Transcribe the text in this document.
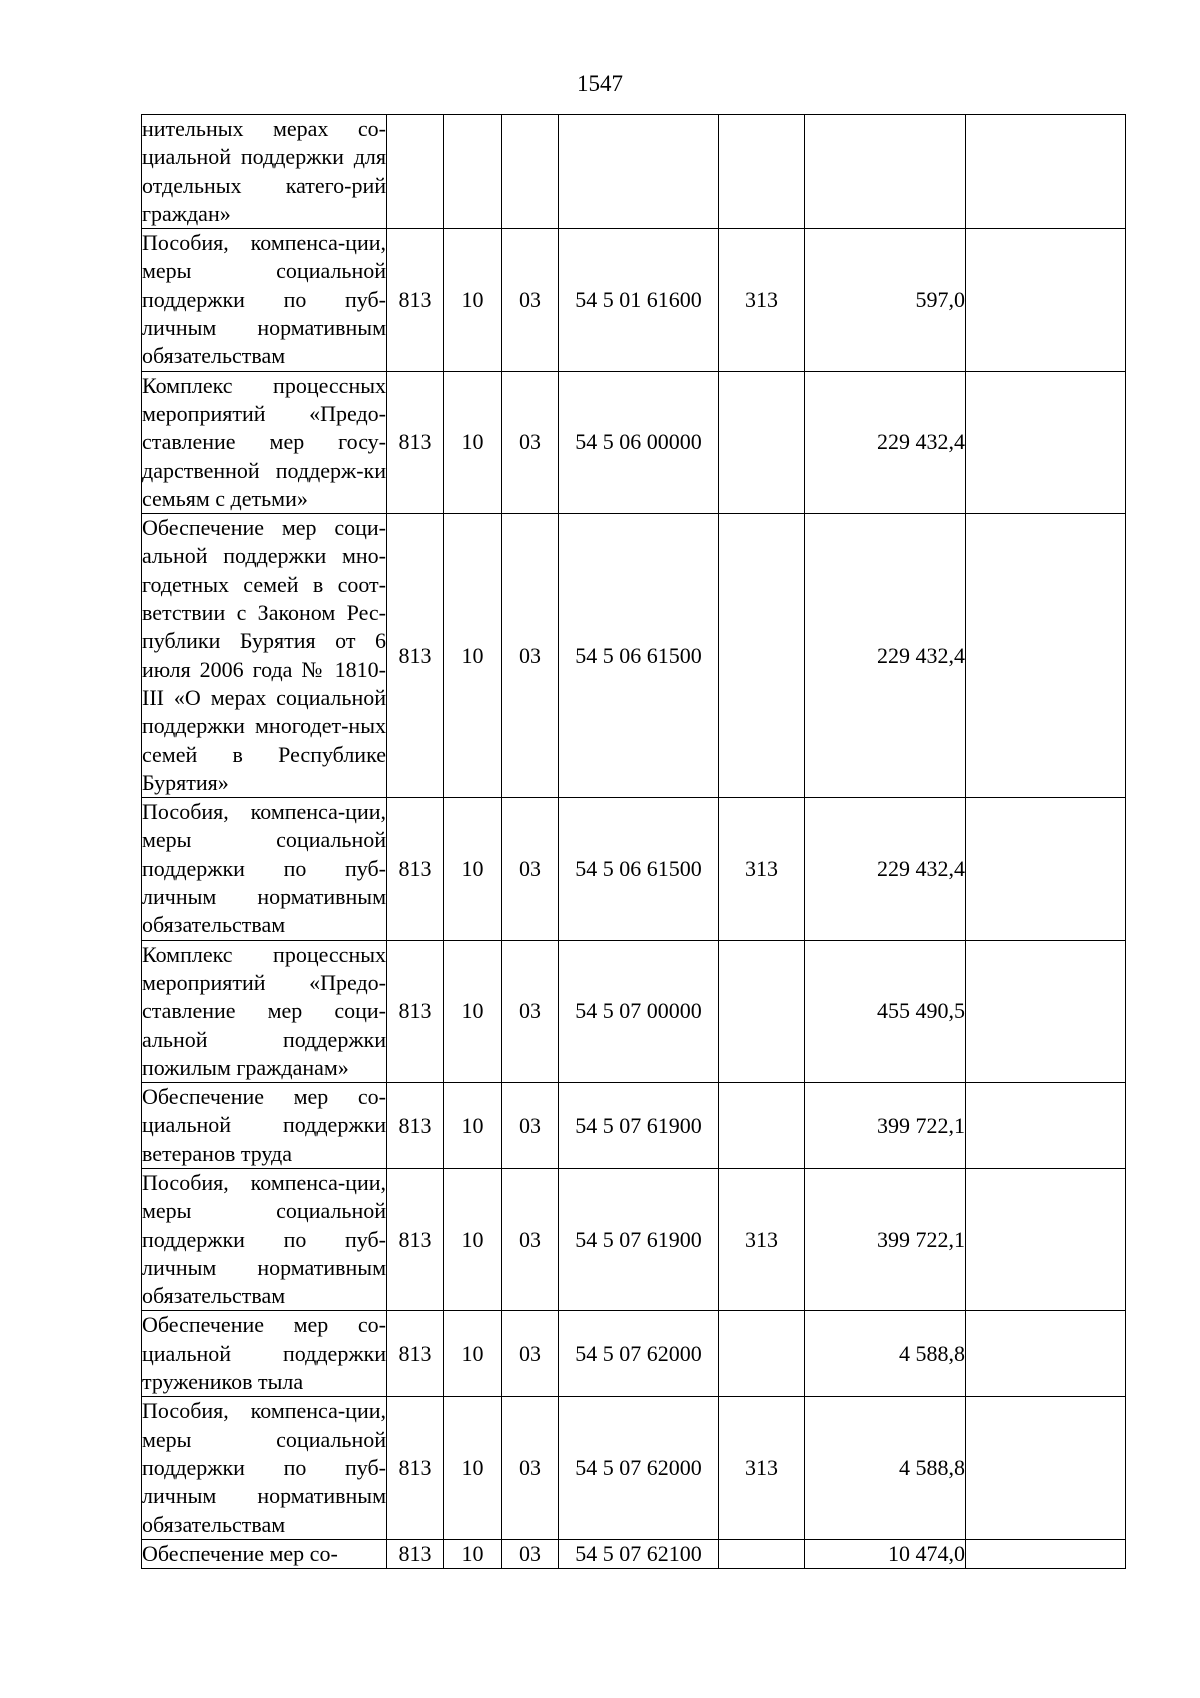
1547
нительных мерах со-циальной поддержки для отдельных катего-рий граждан»							
Пособия, компенса-ции, меры социальной поддержки по пуб-личным нормативным обязательствам	813	10	03	54 5 01 61600	313	597,0	
Комплекс процессных мероприятий «Предо-ставление мер госу-дарственной поддерж-ки семьям с детьми»	813	10	03	54 5 06 00000		229 432,4	
Обеспечение мер соци-альной поддержки мно-годетных семей в соот-ветствии с Законом Рес-публики Бурятия от 6 июля 2006 года № 1810-III «О мерах социальной поддержки многодет-ных семей в Республике Бурятия»	813	10	03	54 5 06 61500		229 432,4	
Пособия, компенса-ции, меры социальной поддержки по пуб-личным нормативным обязательствам	813	10	03	54 5 06 61500	313	229 432,4	
Комплекс процессных мероприятий «Предо-ставление мер соци-альной поддержки пожилым гражданам»	813	10	03	54 5 07 00000		455 490,5	
Обеспечение мер со-циальной поддержки ветеранов труда	813	10	03	54 5 07 61900		399 722,1	
Пособия, компенса-ции, меры социальной поддержки по пуб-личным нормативным обязательствам	813	10	03	54 5 07 61900	313	399 722,1	
Обеспечение мер со-циальной поддержки тружеников тыла	813	10	03	54 5 07 62000		4 588,8	
Пособия, компенса-ции, меры социальной поддержки по пуб-личным нормативным обязательствам	813	10	03	54 5 07 62000	313	4 588,8	
Обеспечение мер со-	813	10	03	54 5 07 62100		10 474,0	
